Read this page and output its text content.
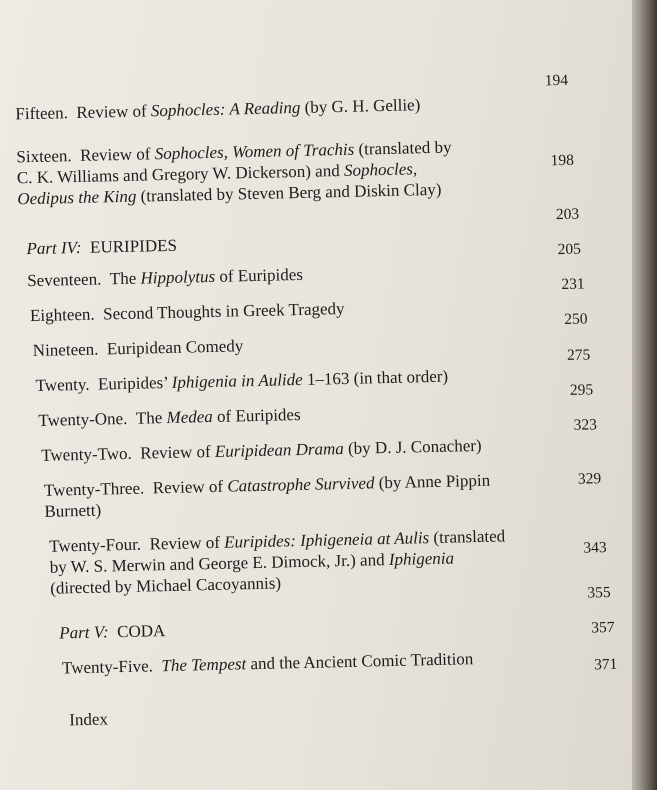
Fifteen. Review of Sophocles: A Reading (by G. H. Gellie)
Sixteen. Review of Sophocles, Women of Trachis (translated by
C. K. Williams and Gregory W. Dickerson) and Sophocles,
Oedipus the King (translated by Steven Berg and Diskin Clay)
Part IV: EURIPIDES
Seventeen. The Hippolytus of Euripides
Eighteen. Second Thoughts in Greek Tragedy
Nineteen. Euripidean Comedy
Twenty. Euripides’ Iphigenia in Aulide 1–163 (in that order)
Twenty-One. The Medea of Euripides
Twenty-Two. Review of Euripidean Drama (by D. J. Conacher)
Twenty-Three. Review of Catastrophe Survived (by Anne Pippin
Burnett)
Twenty-Four. Review of Euripides: Iphigeneia at Aulis (translated
by W. S. Merwin and George E. Dimock, Jr.) and Iphigenia
(directed by Michael Cacoyannis)
Part V: CODA
Twenty-Five. The Tempest and the Ancient Comic Tradition
Index
194
198
203
205
231
250
275
295
323
329
343
355
357
371
